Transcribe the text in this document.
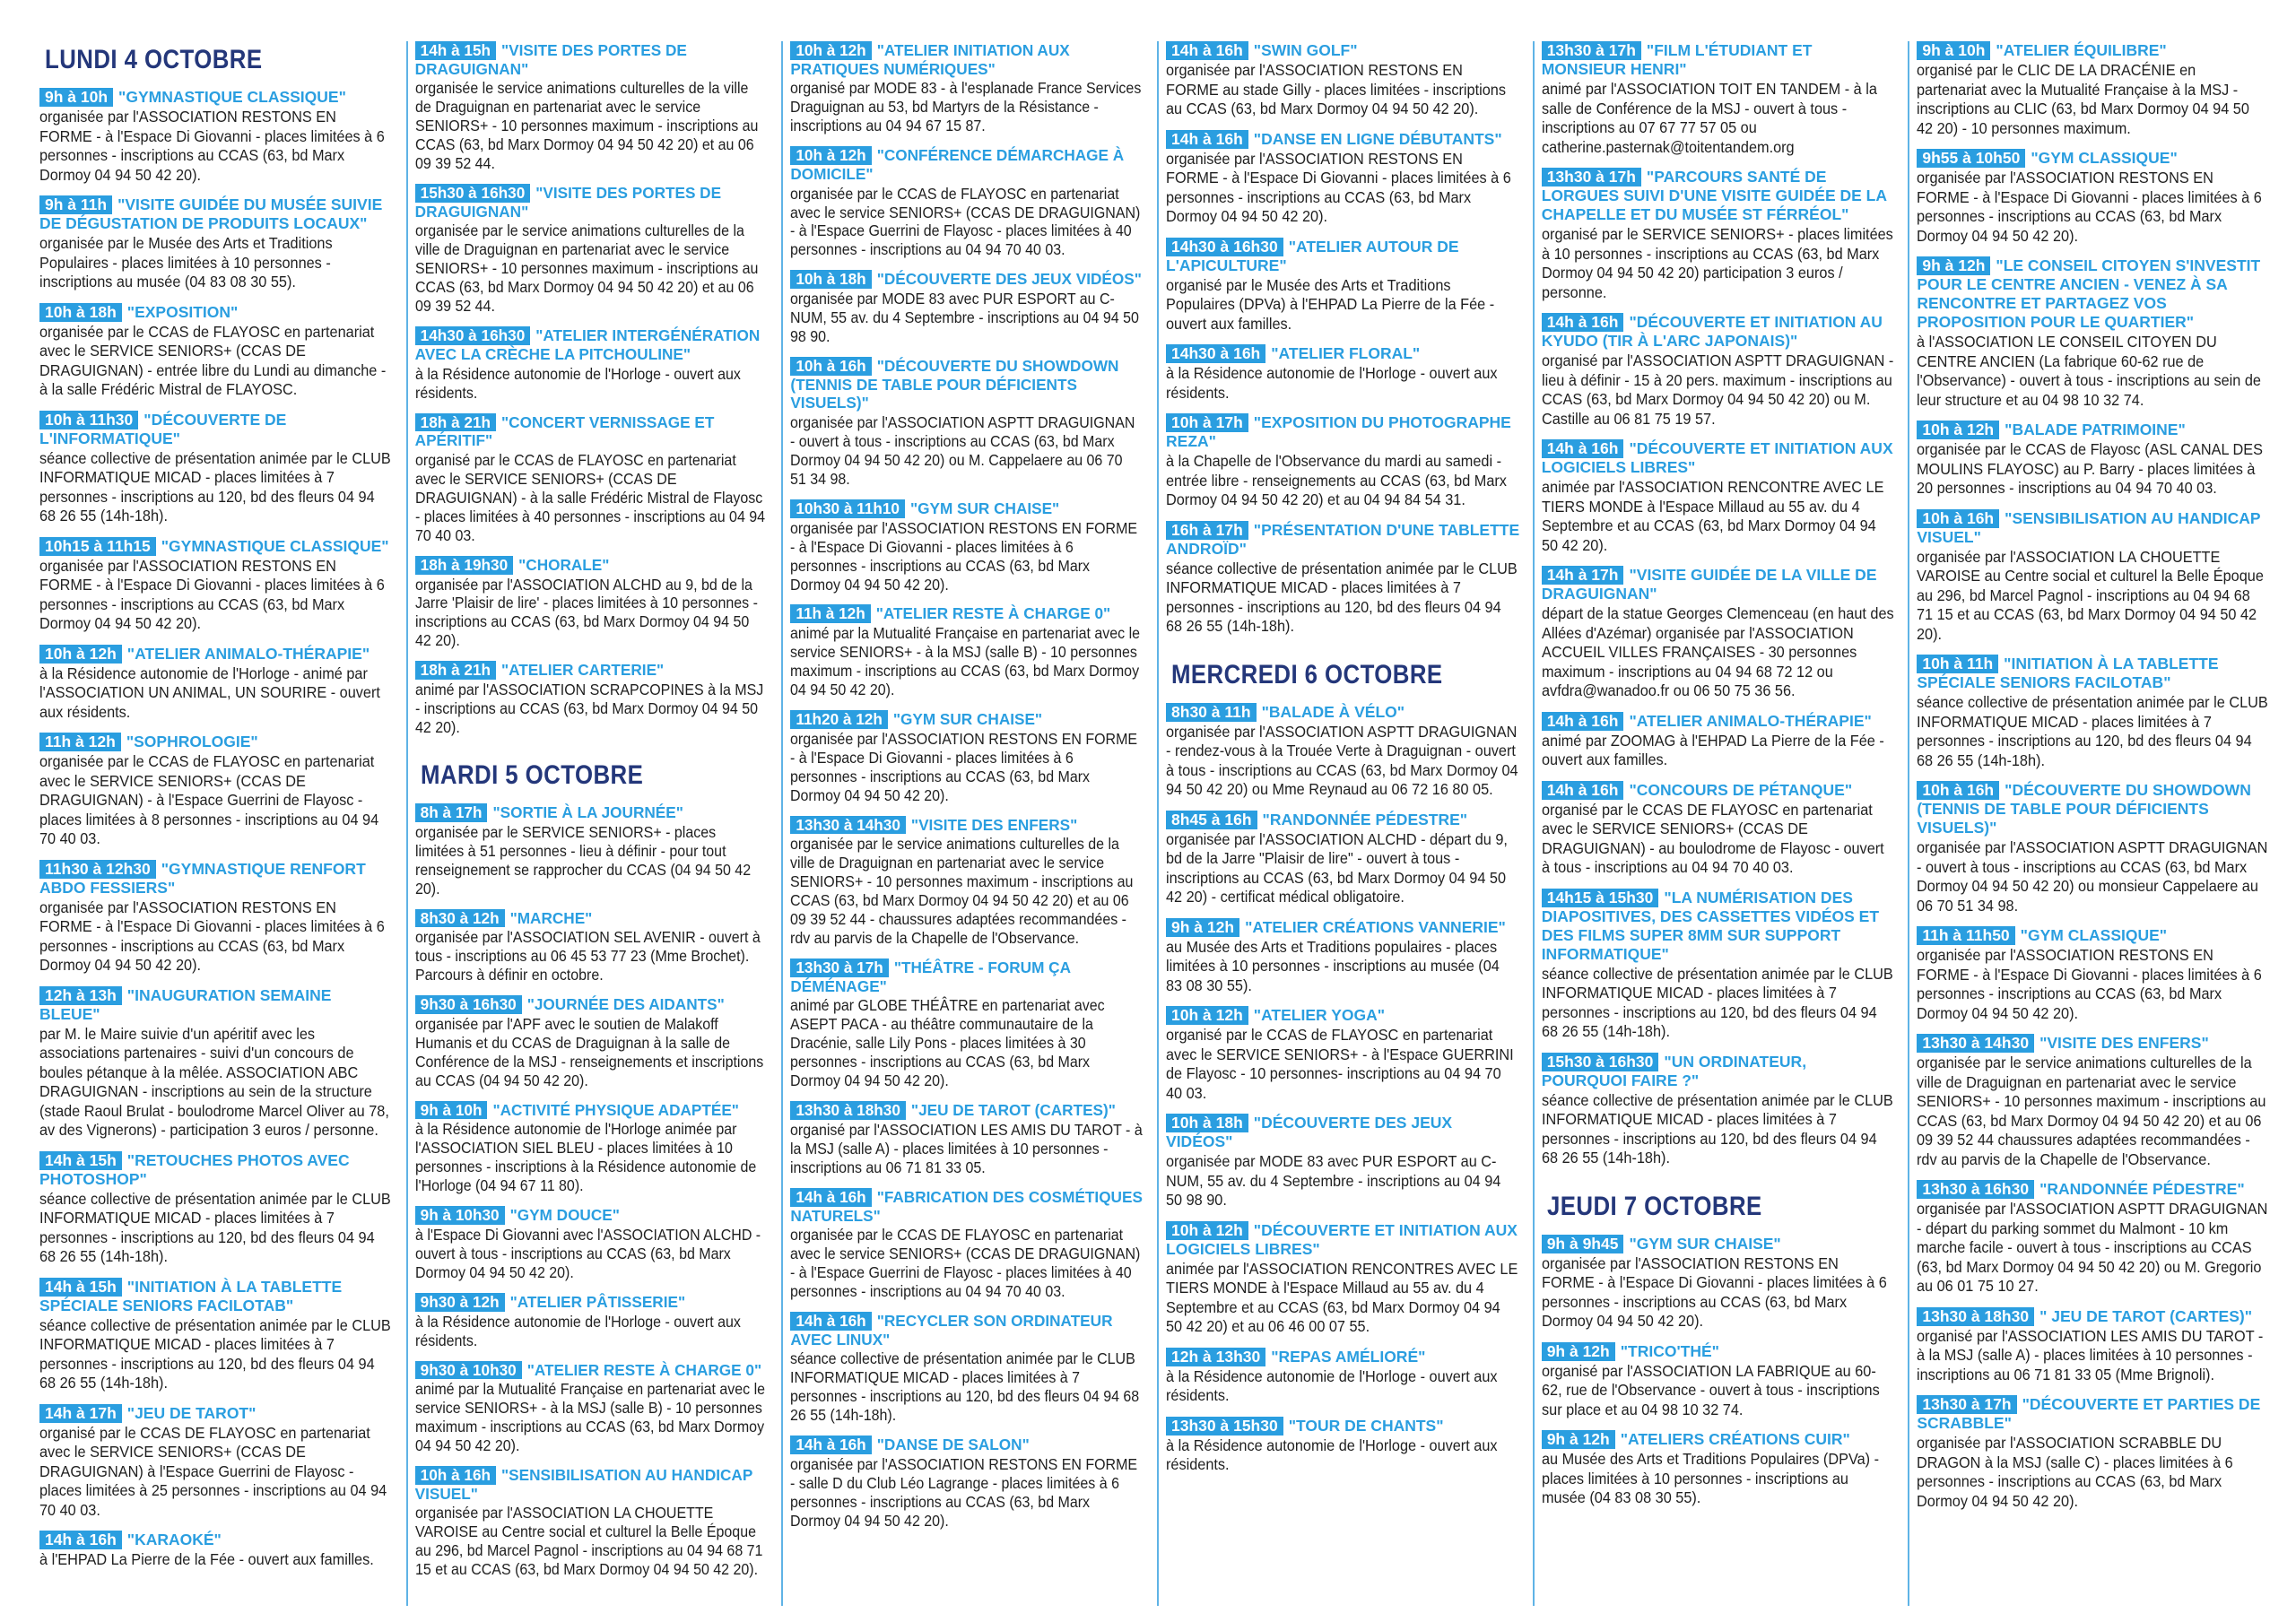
LUNDI 4 OCTOBRE
9h à 10h "GYMNASTIQUE CLASSIQUE"
organisée par l'ASSOCIATION RESTONS EN FORME - à l'Espace Di Giovanni - places limitées à 6 personnes - inscriptions au CCAS (63, bd Marx Dormoy 04 94 50 42 20).
9h à 11h "VISITE GUIDÉE DU MUSÉE SUIVIE DE DÉGUSTATION DE PRODUITS LOCAUX"
organisée par le Musée des Arts et Traditions Populaires - places limitées à 10 personnes - inscriptions au musée (04 83 08 30 55).
10h à 18h "EXPOSITION"
organisée par le CCAS de FLAYOSC en partenariat avec le SERVICE SENIORS+ (CCAS DE DRAGUIGNAN) - entrée libre du Lundi au dimanche - à la salle Frédéric Mistral de FLAYOSC.
10h à 11h30 "DÉCOUVERTE DE L'INFORMATIQUE"
séance collective de présentation animée par le CLUB INFORMATIQUE MICAD - places limitées à 7 personnes - inscriptions au 120, bd des fleurs 04 94 68 26 55 (14h-18h).
10h15 à 11h15 "GYMNASTIQUE CLASSIQUE"
organisée par l'ASSOCIATION RESTONS EN FORME - à l'Espace Di Giovanni - places limitées à 6 personnes - inscriptions au CCAS (63, bd Marx Dormoy 04 94 50 42 20).
10h à 12h "ATELIER ANIMALO-THÉRAPIE"
à la Résidence autonomie de l'Horloge - animé par l'ASSOCIATION UN ANIMAL, UN SOURIRE - ouvert aux résidents.
11h à 12h "SOPHROLOGIE"
organisée par le CCAS de FLAYOSC en partenariat avec le SERVICE SENIORS+ (CCAS DE DRAGUIGNAN) - à l'Espace Guerrini de Flayosc - places limitées à 8 personnes - inscriptions au 04 94 70 40 03.
11h30 à 12h30 "GYMNASTIQUE RENFORT ABDO FESSIERS"
organisée par l'ASSOCIATION RESTONS EN FORME - à l'Espace Di Giovanni - places limitées à 6 personnes - inscriptions au CCAS (63, bd Marx Dormoy 04 94 50 42 20).
12h à 13h "INAUGURATION SEMAINE BLEUE"
par M. le Maire suivie d'un apéritif avec les associations partenaires - suivi d'un concours de boules pétanque à la mêlée. ASSOCIATION ABC DRAGUIGNAN - inscriptions au sein de la structure (stade Raoul Brulat - boulodrome Marcel Oliver au 78, av des Vignerons) - participation 3 euros / personne.
14h à 15h "RETOUCHES PHOTOS AVEC PHOTOSHOP"
séance collective de présentation animée par le CLUB INFORMATIQUE MICAD - places limitées à 7 personnes - inscriptions au 120, bd des fleurs 04 94 68 26 55 (14h-18h).
14h à 15h "INITIATION À LA TABLETTE SPÉCIALE SENIORS FACILOTAB"
séance collective de présentation animée par le CLUB INFORMATIQUE MICAD - places limitées à 7 personnes - inscriptions au 120, bd des fleurs 04 94 68 26 55 (14h-18h).
14h à 17h "JEU DE TAROT"
organisé par le CCAS DE FLAYOSC en partenariat avec le SERVICE SENIORS+ (CCAS DE DRAGUIGNAN) à l'Espace Guerrini de Flayosc - places limitées à 25 personnes - inscriptions au 04 94 70 40 03.
14h à 16h "KARAOKÉ"
à l'EHPAD La Pierre de la Fée - ouvert aux familles.
14h à 15h "VISITE DES PORTES DE DRAGUIGNAN"
organisée le service animations culturelles de la ville de Draguignan en partenariat avec le service SENIORS+ - 10 personnes maximum - inscriptions au CCAS (63, bd Marx Dormoy 04 94 50 42 20) et au 06 09 39 52 44.
15h30 à 16h30 "VISITE DES PORTES DE DRAGUIGNAN"
organisée par le service animations culturelles de la ville de Draguignan en partenariat avec le service SENIORS+ - 10 personnes maximum - inscriptions au CCAS (63, bd Marx Dormoy 04 94 50 42 20) et au 06 09 39 52 44.
14h30 à 16h30 "ATELIER INTERGÉNÉRATION AVEC LA CRÈCHE LA PITCHOULINE"
à la Résidence autonomie de l'Horloge - ouvert aux résidents.
18h à 21h "CONCERT VERNISSAGE ET APÉRITIF"
organisé par le CCAS de FLAYOSC en partenariat avec le SERVICE SENIORS+ (CCAS DE DRAGUIGNAN) - à la salle Frédéric Mistral de Flayosc - places limitées à 40 personnes - inscriptions au 04 94 70 40 03.
18h à 19h30 "CHORALE"
organisée par l'ASSOCIATION ALCHD au 9, bd de la Jarre 'Plaisir de lire' - places limitées à 10 personnes - inscriptions au CCAS (63, bd Marx Dormoy 04 94 50 42 20).
18h à 21h "ATELIER CARTERIE"
animé par l'ASSOCIATION SCRAPCOPINES à la MSJ - inscriptions au CCAS (63, bd Marx Dormoy 04 94 50 42 20).
MARDI 5 OCTOBRE
8h à 17h "SORTIE À LA JOURNÉE"
organisée par le SERVICE SENIORS+ - places limitées à 51 personnes - lieu à définir - pour tout renseignement se rapprocher du CCAS (04 94 50 42 20).
8h30 à 12h "MARCHE"
organisée par l'ASSOCIATION SEL AVENIR - ouvert à tous - inscriptions au 06 45 53 77 23 (Mme Brochet). Parcours à définir en octobre.
9h30 à 16h30 "JOURNÉE DES AIDANTS"
organisée par l'APF avec le soutien de Malakoff Humanis et du CCAS de Draguignan à la salle de Conférence de la MSJ - renseignements et inscriptions au CCAS (04 94 50 42 20).
9h à 10h "ACTIVITÉ PHYSIQUE ADAPTÉE"
à la Résidence autonomie de l'Horloge animée par l'ASSOCIATION SIEL BLEU - places limitées à 10 personnes - inscriptions à la Résidence autonomie de l'Horloge (04 94 67 11 80).
9h à 10h30 "GYM DOUCE"
à l'Espace Di Giovanni avec l'ASSOCIATION ALCHD - ouvert à tous - inscriptions au CCAS (63, bd Marx Dormoy 04 94 50 42 20).
9h30 à 12h "ATELIER PÂTISSERIE"
à la Résidence autonomie de l'Horloge - ouvert aux résidents.
9h30 à 10h30 "ATELIER RESTE À CHARGE 0"
animé par la Mutualité Française en partenariat avec le service SENIORS+ - à la MSJ (salle B) - 10 personnes maximum - inscriptions au CCAS (63, bd Marx Dormoy 04 94 50 42 20).
10h à 16h "SENSIBILISATION AU HANDICAP VISUEL"
organisée par l'ASSOCIATION LA CHOUETTE VAROISE au Centre social et culturel la Belle Époque au 296, bd Marcel Pagnol - inscriptions au 04 94 68 71 15 et au CCAS (63, bd Marx Dormoy 04 94 50 42 20).
10h à 12h "ATELIER INITIATION AUX PRATIQUES NUMÉRIQUES"
organisé par MODE 83 - à l'esplanade France Services Draguignan au 53, bd Martyrs de la Résistance - inscriptions au 04 94 67 15 87.
10h à 12h "CONFÉRENCE DÉMARCHAGE À DOMICILE"
organisée par le CCAS de FLAYOSC en partenariat avec le service SENIORS+ (CCAS DE DRAGUIGNAN) - à l'Espace Guerrini de Flayosc - places limitées à 40 personnes - inscriptions au 04 94 70 40 03.
10h à 18h "DÉCOUVERTE DES JEUX VIDÉOS"
organisée par MODE 83 avec PUR ESPORT au C-NUM, 55 av. du 4 Septembre - inscriptions au 04 94 50 98 90.
10h à 16h "DÉCOUVERTE DU SHOWDOWN (TENNIS DE TABLE POUR DÉFICIENTS VISUELS)"
organisée par l'ASSOCIATION ASPTT DRAGUIGNAN - ouvert à tous - inscriptions au CCAS (63, bd Marx Dormoy 04 94 50 42 20) ou M. Cappelaere au 06 70 51 34 98.
10h30 à 11h10 "GYM SUR CHAISE"
organisée par l'ASSOCIATION RESTONS EN FORME - à l'Espace Di Giovanni - places limitées à 6 personnes - inscriptions au CCAS (63, bd Marx Dormoy 04 94 50 42 20).
11h à 12h "ATELIER RESTE À CHARGE 0"
animé par la Mutualité Française en partenariat avec le service SENIORS+ - à la MSJ (salle B) - 10 personnes maximum - inscriptions au CCAS (63, bd Marx Dormoy 04 94 50 42 20).
11h20 à 12h "GYM SUR CHAISE"
organisée par l'ASSOCIATION RESTONS EN FORME - à l'Espace Di Giovanni - places limitées à 6 personnes - inscriptions au CCAS (63, bd Marx Dormoy 04 94 50 42 20).
13h30 à 14h30 "VISITE DES ENFERS"
organisée par le service animations culturelles de la ville de Draguignan en partenariat avec le service SENIORS+ - 10 personnes maximum - inscriptions au CCAS (63, bd Marx Dormoy 04 94 50 42 20) et au 06 09 39 52 44 - chaussures adaptées recommandées - rdv au parvis de la Chapelle de l'Observance.
13h30 à 17h "THÉÂTRE - FORUM ÇA DÉMÉNAGE"
animé par GLOBE THÉÂTRE en partenariat avec ASEPT PACA - au théâtre communautaire de la Dracénie, salle Lily Pons - places limitées à 30 personnes - inscriptions au CCAS (63, bd Marx Dormoy 04 94 50 42 20).
13h30 à 18h30 "JEU DE TAROT (CARTES)"
organisé par l'ASSOCIATION LES AMIS DU TAROT - à la MSJ (salle A) - places limitées à 10 personnes - inscriptions au 06 71 81 33 05.
14h à 16h "FABRICATION DES COSMÉTIQUES NATURELS"
organisée par le CCAS DE FLAYOSC en partenariat avec le service SENIORS+ (CCAS DE DRAGUIGNAN) - à l'Espace Guerrini de Flayosc - places limitées à 40 personnes - inscriptions au 04 94 70 40 03.
14h à 16h "RECYCLER SON ORDINATEUR AVEC LINUX"
séance collective de présentation animée par le CLUB INFORMATIQUE MICAD - places limitées à 7 personnes - inscriptions au 120, bd des fleurs 04 94 68 26 55 (14h-18h).
14h à 16h "DANSE DE SALON"
organisée par l'ASSOCIATION RESTONS EN FORME - salle D du Club Léo Lagrange - places limitées à 6 personnes - inscriptions au CCAS (63, bd Marx Dormoy 04 94 50 42 20).
14h à 16h "SWIN GOLF"
organisée par l'ASSOCIATION RESTONS EN FORME au stade Gilly - places limitées - inscriptions au CCAS (63, bd Marx Dormoy 04 94 50 42 20).
14h à 16h "DANSE EN LIGNE DÉBUTANTS"
organisée par l'ASSOCIATION RESTONS EN FORME - à l'Espace Di Giovanni - places limitées à 6 personnes - inscriptions au CCAS (63, bd Marx Dormoy 04 94 50 42 20).
14h30 à 16h30 "ATELIER AUTOUR DE L'APICULTURE"
organisé par le Musée des Arts et Traditions Populaires (DPVa) à l'EHPAD La Pierre de la Fée - ouvert aux familles.
14h30 à 16h "ATELIER FLORAL"
à la Résidence autonomie de l'Horloge - ouvert aux résidents.
10h à 17h "EXPOSITION DU PHOTOGRAPHE REZA"
à la Chapelle de l'Observance du mardi au samedi - entrée libre - renseignements au CCAS (63, bd Marx Dormoy 04 94 50 42 20) et au 04 94 84 54 31.
16h à 17h "PRÉSENTATION D'UNE TABLETTE ANDROÏD"
séance collective de présentation animée par le CLUB INFORMATIQUE MICAD - places limitées à 7 personnes - inscriptions au 120, bd des fleurs 04 94 68 26 55 (14h-18h).
MERCREDI 6 OCTOBRE
8h30 à 11h "BALADE À VÉLO"
organisée par l'ASSOCIATION ASPTT DRAGUIGNAN - rendez-vous à la Trouée Verte à Draguignan - ouvert à tous - inscriptions au CCAS (63, bd Marx Dormoy 04 94 50 42 20) ou Mme Reynaud au 06 72 16 80 05.
8h45 à 16h "RANDONNÉE PÉDESTRE"
organisée par l'ASSOCIATION ALCHD - départ du 9, bd de la Jarre "Plaisir de lire" - ouvert à tous - inscriptions au CCAS (63, bd Marx Dormoy 04 94 50 42 20) - certificat médical obligatoire.
9h à 12h "ATELIER CRÉATIONS VANNERIE"
au Musée des Arts et Traditions populaires - places limitées à 10 personnes - inscriptions au musée (04 83 08 30 55).
10h à 12h "ATELIER YOGA"
organisé par le CCAS de FLAYOSC en partenariat avec le SERVICE SENIORS+ - à l'Espace GUERRINI de Flayosc - 10 personnes- inscriptions au 04 94 70 40 03.
10h à 18h "DÉCOUVERTE DES JEUX VIDÉOS"
organisée par MODE 83 avec PUR ESPORT au C-NUM, 55 av. du 4 Septembre - inscriptions au 04 94 50 98 90.
10h à 12h "DÉCOUVERTE ET INITIATION AUX LOGICIELS LIBRES"
animée par l'ASSOCIATION RENCONTRES AVEC LE TIERS MONDE à l'Espace Millaud au 55 av. du 4 Septembre et au CCAS (63, bd Marx Dormoy 04 94 50 42 20) et au 06 46 00 07 55.
12h à 13h30 "REPAS AMÉLIORÉ"
à la Résidence autonomie de l'Horloge - ouvert aux résidents.
13h30 à 15h30 "TOUR DE CHANTS"
à la Résidence autonomie de l'Horloge - ouvert aux résidents.
13h30 à 17h "FILM L'ÉTUDIANT ET MONSIEUR HENRI"
animé par l'ASSOCIATION TOIT EN TANDEM - à la salle de Conférence de la MSJ - ouvert à tous - inscriptions au 07 67 77 57 05 ou catherine.pasternak@toitentandem.org
13h30 à 17h "PARCOURS SANTÉ DE LORGUES SUIVI D'UNE VISITE GUIDÉE DE LA CHAPELLE ET DU MUSÉE ST FÉRRÉOL"
organisé par le SERVICE SENIORS+ - places limitées à 10 personnes - inscriptions au CCAS (63, bd Marx Dormoy 04 94 50 42 20) participation 3 euros / personne.
14h à 16h "DÉCOUVERTE ET INITIATION AU KYUDO (TIR À L'ARC JAPONAIS)"
organisé par l'ASSOCIATION ASPTT DRAGUIGNAN - lieu à définir - 15 à 20 pers. maximum - inscriptions au CCAS (63, bd Marx Dormoy 04 94 50 42 20) ou M. Castille au 06 81 75 19 57.
14h à 16h "DÉCOUVERTE ET INITIATION AUX LOGICIELS LIBRES"
animée par l'ASSOCIATION RENCONTRE AVEC LE TIERS MONDE à l'Espace Millaud au 55 av. du 4 Septembre et au CCAS (63, bd Marx Dormoy 04 94 50 42 20).
14h à 17h "VISITE GUIDÉE DE LA VILLE DE DRAGUIGNAN"
départ de la statue Georges Clemenceau (en haut des Allées d'Azémar) organisée par l'ASSOCIATION ACCUEIL VILLES FRANÇAISES - 30 personnes maximum - inscriptions au 04 94 68 72 12 ou avfdra@wanadoo.fr ou 06 50 75 36 56.
14h à 16h "ATELIER ANIMALO-THÉRAPIE"
animé par ZOOMAG à l'EHPAD La Pierre de la Fée - ouvert aux familles.
14h à 16h "CONCOURS DE PÉTANQUE"
organisé par le CCAS DE FLAYOSC en partenariat avec le SERVICE SENIORS+ (CCAS DE DRAGUIGNAN) - au boulodrome de Flayosc - ouvert à tous - inscriptions au 04 94 70 40 03.
14h15 à 15h30 "LA NUMÉRISATION DES DIAPOSITIVES, DES CASSETTES VIDÉOS ET DES FILMS SUPER 8MM SUR SUPPORT INFORMATIQUE"
séance collective de présentation animée par le CLUB INFORMATIQUE MICAD - places limitées à 7 personnes - inscriptions au 120, bd des fleurs 04 94 68 26 55 (14h-18h).
15h30 à 16h30 "UN ORDINATEUR, POURQUOI FAIRE ?"
séance collective de présentation animée par le CLUB INFORMATIQUE MICAD - places limitées à 7 personnes - inscriptions au 120, bd des fleurs 04 94 68 26 55 (14h-18h).
JEUDI 7 OCTOBRE
9h à 9h45 "GYM SUR CHAISE"
organisée par l'ASSOCIATION RESTONS EN FORME - à l'Espace Di Giovanni - places limitées à 6 personnes - inscriptions au CCAS (63, bd Marx Dormoy 04 94 50 42 20).
9h à 12h "TRICO'THÉ"
organisé par l'ASSOCIATION LA FABRIQUE au 60-62, rue de l'Observance - ouvert à tous - inscriptions sur place et au 04 98 10 32 74.
9h à 12h "ATELIERS CRÉATIONS CUIR"
au Musée des Arts et Traditions Populaires (DPVa) - places limitées à 10 personnes - inscriptions au musée (04 83 08 30 55).
9h à 10h "ATELIER ÉQUILIBRE"
organisé par le CLIC DE LA DRACÉNIE en partenariat avec la Mutualité Française à la MSJ - inscriptions au CLIC (63, bd Marx Dormoy 04 94 50 42 20) - 10 personnes maximum.
9h55 à 10h50 "GYM CLASSIQUE"
organisée par l'ASSOCIATION RESTONS EN FORME - à l'Espace Di Giovanni - places limitées à 6 personnes - inscriptions au CCAS (63, bd Marx Dormoy 04 94 50 42 20).
9h à 12h "LE CONSEIL CITOYEN S'INVESTIT POUR LE CENTRE ANCIEN - VENEZ À SA RENCONTRE ET PARTAGEZ VOS PROPOSITION POUR LE QUARTIER"
à l'ASSOCIATION LE CONSEIL CITOYEN DU CENTRE ANCIEN (La fabrique 60-62 rue de l'Observance) - ouvert à tous - inscriptions au sein de leur structure et au 04 98 10 32 74.
10h à 12h "BALADE PATRIMOINE"
organisée par le CCAS de Flayosc (ASL CANAL DES MOULINS FLAYOSC) au P. Barry - places limitées à 20 personnes - inscriptions au 04 94 70 40 03.
10h à 16h "SENSIBILISATION AU HANDICAP VISUEL"
organisée par l'ASSOCIATION LA CHOUETTE VAROISE au Centre social et culturel la Belle Époque au 296, bd Marcel Pagnol - inscriptions au 04 94 68 71 15 et au CCAS (63, bd Marx Dormoy 04 94 50 42 20).
10h à 11h "INITIATION À LA TABLETTE SPÉCIALE SENIORS FACILOTAB"
séance collective de présentation animée par le CLUB INFORMATIQUE MICAD - places limitées à 7 personnes - inscriptions au 120, bd des fleurs 04 94 68 26 55 (14h-18h).
10h à 16h "DÉCOUVERTE DU SHOWDOWN (TENNIS DE TABLE POUR DÉFICIENTS VISUELS)"
organisée par l'ASSOCIATION ASPTT DRAGUIGNAN - ouvert à tous - inscriptions au CCAS (63, bd Marx Dormoy 04 94 50 42 20) ou monsieur Cappelaere au 06 70 51 34 98.
11h à 11h50 "GYM CLASSIQUE"
organisée par l'ASSOCIATION RESTONS EN FORME - à l'Espace Di Giovanni - places limitées à 6 personnes - inscriptions au CCAS (63, bd Marx Dormoy 04 94 50 42 20).
13h30 à 14h30 "VISITE DES ENFERS"
organisée par le service animations culturelles de la ville de Draguignan en partenariat avec le service SENIORS+ - 10 personnes maximum - inscriptions au CCAS (63, bd Marx Dormoy 04 94 50 42 20) et au 06 09 39 52 44 chaussures adaptées recommandées - rdv au parvis de la Chapelle de l'Observance.
13h30 à 16h30 "RANDONNÉE PÉDESTRE"
organisée par l'ASSOCIATION ASPTT DRAGUIGNAN - départ du parking sommet du Malmont - 10 km marche facile - ouvert à tous - inscriptions au CCAS (63, bd Marx Dormoy 04 94 50 42 20) ou M. Gregorio au 06 01 75 10 27.
13h30 à 18h30 " JEU DE TAROT (CARTES)"
organisé par l'ASSOCIATION LES AMIS DU TAROT - à la MSJ (salle A) - places limitées à 10 personnes - inscriptions au 06 71 81 33 05 (Mme Brignoli).
13h30 à 17h "DÉCOUVERTE ET PARTIES DE SCRABBLE"
organisée par l'ASSOCIATION SCRABBLE DU DRAGON à la MSJ (salle C) - places limitées à 6 personnes - inscriptions au CCAS (63, bd Marx Dormoy 04 94 50 42 20).
